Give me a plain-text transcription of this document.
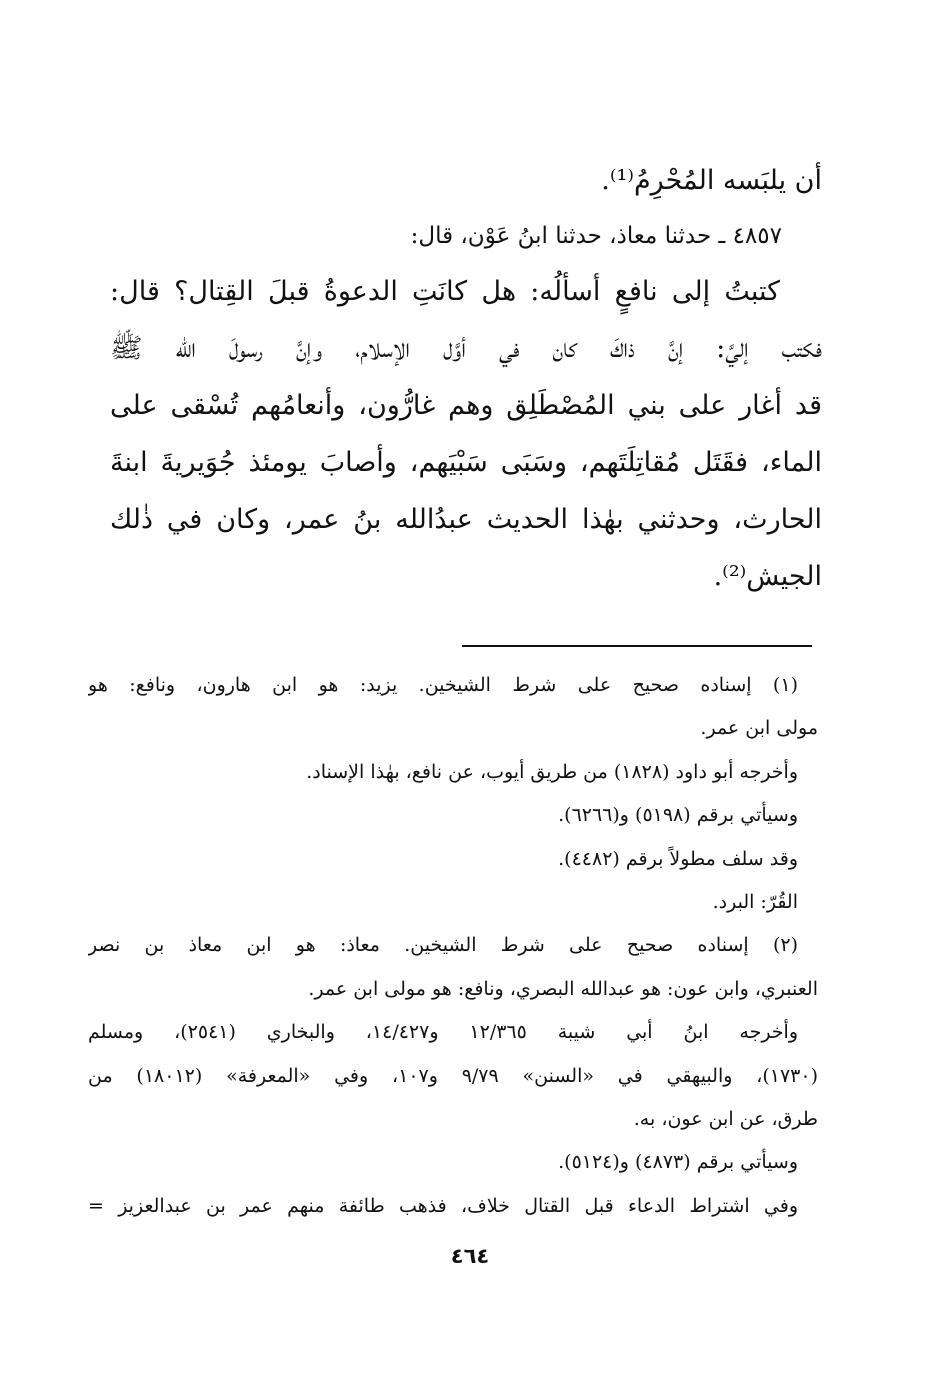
أن يلبَسه المُحْرِمُ⁽¹⁾.
٤٨٥٧ ـ حدثنا معاذ، حدثنا ابنُ عَوْن، قال:
كتبتُ إلى نافعٍ أسألُه: هل كانَتِ الدعوةُ قبلَ القِتال؟ قال:
فكتب إليَّ: إنَّ ذاكَ كان في أوَّل الإسلام، وإنَّ رسولَ الله ﷺ
قد أغار على بني المُصْطَلِق وهم غارُّون، وأنعامُهم تُسْقى على
الماء، فقَتَل مُقاتِلَتَهم، وسَبَى سَبْيَهم، وأصابَ يومئذ جُوَيريةَ ابنةَ
الحارث، وحدثني بهٰذا الحديث عبدُالله بنُ عمر، وكان في ذٰلك
الجيش⁽²⁾.
(١) إسناده صحيح على شرط الشيخين. يزيد: هو ابن هارون، ونافع: هو
مولى ابن عمر.
وأخرجه أبو داود (١٨٢٨) من طريق أيوب، عن نافع، بهٰذا الإسناد.
وسيأتي برقم (٥١٩٨) و(٦٢٦٦).
وقد سلف مطولاً برقم (٤٤٨٢).
القُرّ: البرد.
(٢) إسناده صحيح على شرط الشيخين. معاذ: هو ابن معاذ بن نصر
العنبري، وابن عون: هو عبدالله البصري، ونافع: هو مولى ابن عمر.
وأخرجه ابنُ أبي شيبة ١٢/٣٦٥ و١٤/٤٢٧، والبخاري (٢٥٤١)، ومسلم
(١٧٣٠)، والبيهقي في «السنن» ٩/٧٩ و١٠٧، وفي «المعرفة» (١٨٠١٢) من
طرق، عن ابن عون، به.
وسيأتي برقم (٤٨٧٣) و(٥١٢٤).
وفي اشتراط الدعاء قبل القتال خلاف، فذهب طائفة منهم عمر بن عبدالعزيز =
٤٦٤
